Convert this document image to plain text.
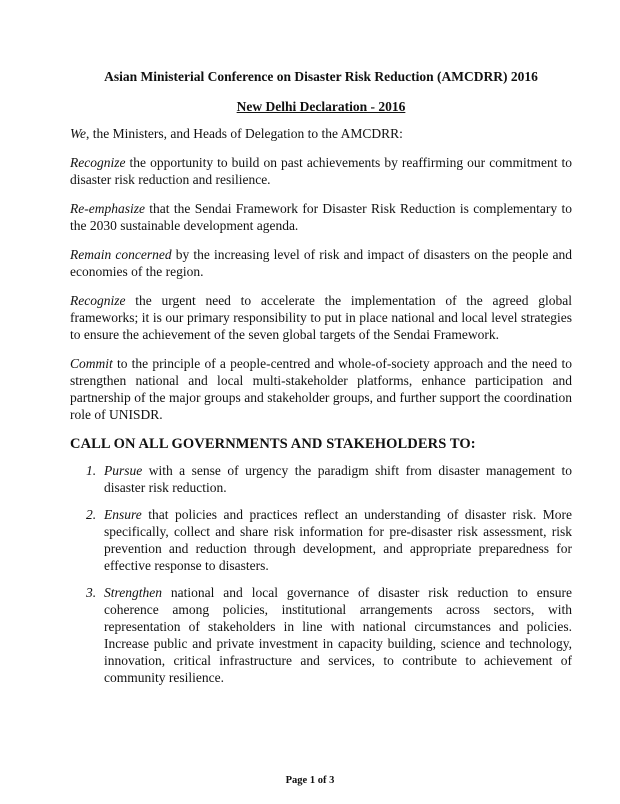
Asian Ministerial Conference on Disaster Risk Reduction (AMCDRR) 2016
New Delhi Declaration - 2016

We, the Ministers, and Heads of Delegation to the AMCDRR:

Recognize the opportunity to build on past achievements by reaffirming our commitment to disaster risk reduction and resilience.

Re-emphasize that the Sendai Framework for Disaster Risk Reduction is complementary to the 2030 sustainable development agenda.

Remain concerned by the increasing level of risk and impact of disasters on the people and economies of the region.

Recognize the urgent need to accelerate the implementation of the agreed global frameworks; it is our primary responsibility to put in place national and local level strategies to ensure the achievement of the seven global targets of the Sendai Framework.

Commit to the principle of a people-centred and whole-of-society approach and the need to strengthen national and local multi-stakeholder platforms, enhance participation and partnership of the major groups and stakeholder groups, and further support the coordination role of UNISDR.

CALL ON ALL GOVERNMENTS AND STAKEHOLDERS TO:
1. Pursue with a sense of urgency the paradigm shift from disaster management to disaster risk reduction.
2. Ensure that policies and practices reflect an understanding of disaster risk. More specifically, collect and share risk information for pre-disaster risk assessment, risk prevention and reduction through development, and appropriate preparedness for effective response to disasters.
3. Strengthen national and local governance of disaster risk reduction to ensure coherence among policies, institutional arrangements across sectors, with representation of stakeholders in line with national circumstances and policies. Increase public and private investment in capacity building, science and technology, innovation, critical infrastructure and services, to contribute to achievement of community resilience.
Page 1 of 3
